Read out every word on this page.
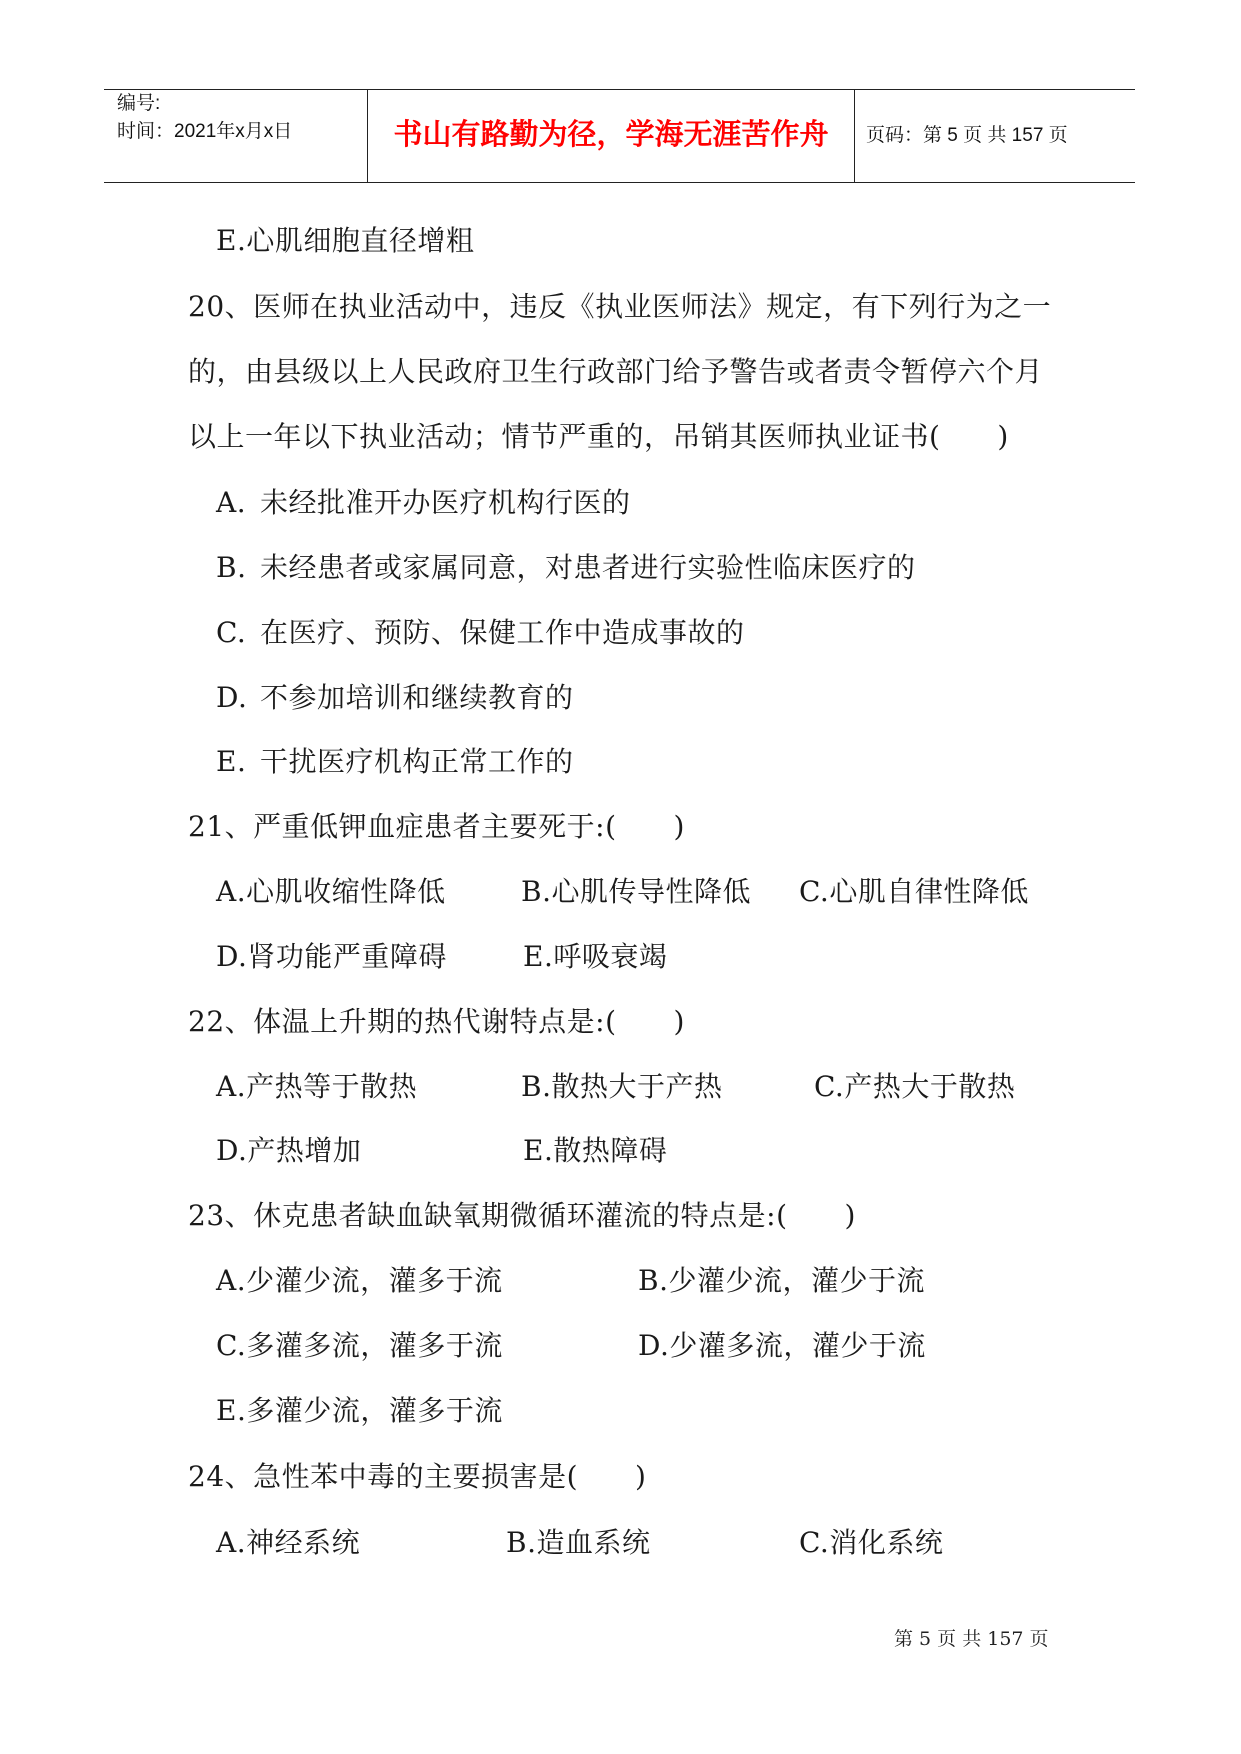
编号:
时间：2021年x月x日	书山有路勤为径，学海无涯苦作舟	页码：第 5 页 共 157 页
E.心肌细胞直径增粗
20、医师在执业活动中，违反《执业医师法》规定，有下列行为之一
的，由县级以上人民政府卫生行政部门给予警告或者责令暂停六个月
以上一年以下执业活动；情节严重的，吊销其医师执业证书(　　)
A. 未经批准开办医疗机构行医的
B. 未经患者或家属同意，对患者进行实验性临床医疗的
C. 在医疗、预防、保健工作中造成事故的
D. 不参加培训和继续教育的
E. 干扰医疗机构正常工作的
21、严重低钾血症患者主要死于:(　　)
A.心肌收缩性降低	B.心肌传导性降低 C.心肌自律性降低
D.肾功能严重障碍	E.呼吸衰竭
22、体温上升期的热代谢特点是:(　　)
A.产热等于散热	B.散热大于产热	C.产热大于散热
D.产热增加	E.散热障碍
23、休克患者缺血缺氧期微循环灌流的特点是:(　　)
A.少灌少流，灌多于流	B.少灌少流，灌少于流
C.多灌多流，灌多于流	D.少灌多流，灌少于流
E.多灌少流，灌多于流
24、急性苯中毒的主要损害是(　　)
A.神经系统	B.造血系统	C.消化系统
第 5 页 共 157 页
